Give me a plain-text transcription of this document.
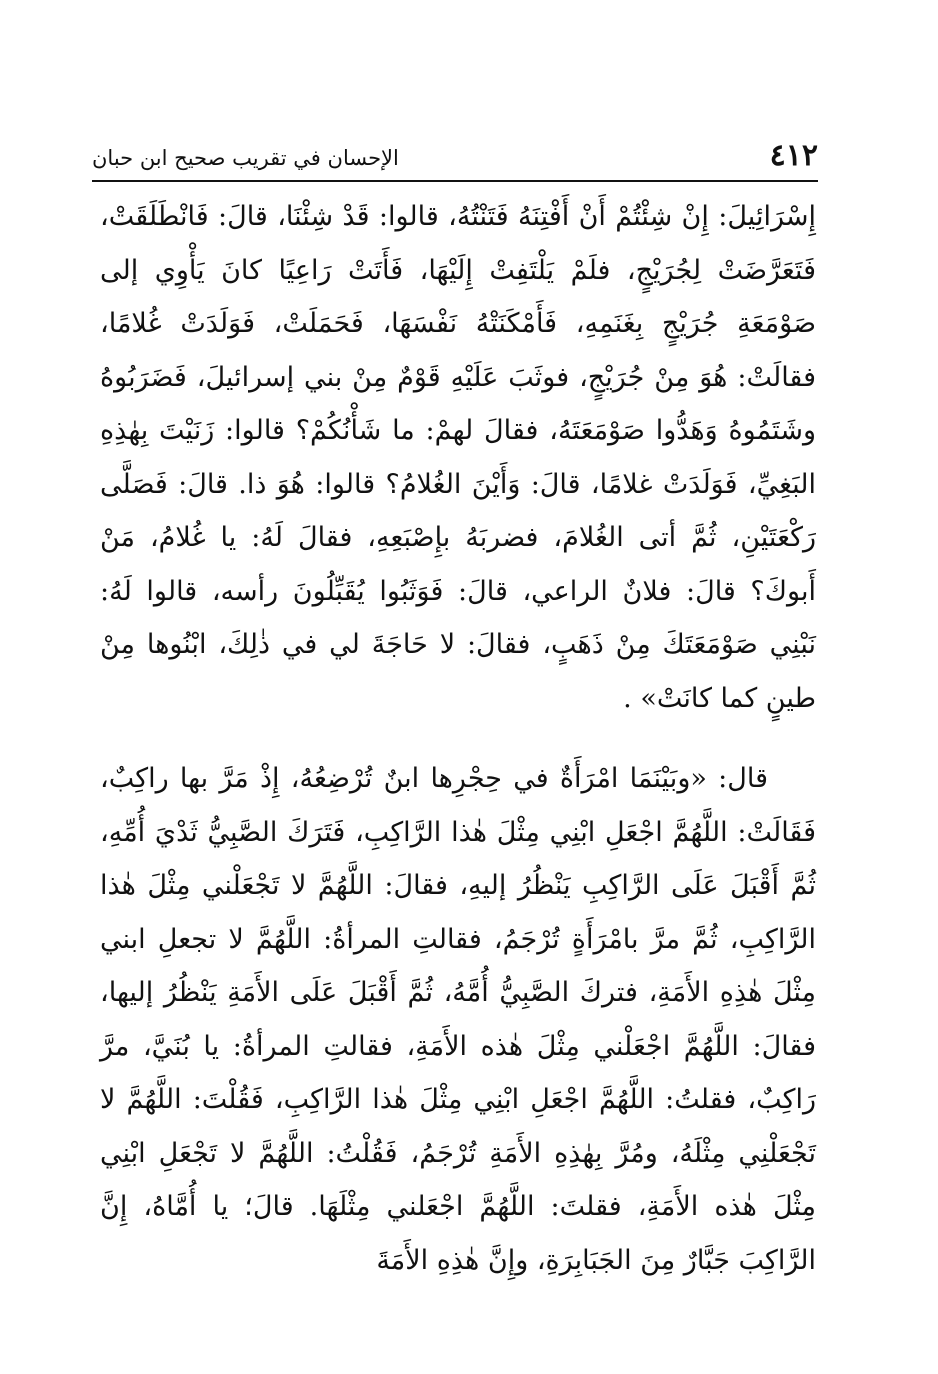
٤١٢
الإحسان في تقريب صحيح ابن حبان

إِسْرَائِيلَ: إِنْ شِئْتُمْ أَنْ أَفْتِنَهُ فَتَنْتُهُ، قالوا: قَدْ شِئْنَا، قالَ: فَانْطَلَقَتْ، فَتَعَرَّضَتْ لِجُرَيْجٍ، فلَمْ يَلْتَفِتْ إِلَيْهَا، فَأَتَتْ رَاعِيًا كانَ يَأْوِي إلى صَوْمَعَةِ جُرَيْجٍ بِغَنَمِهِ، فَأَمْكَنَتْهُ نَفْسَهَا، فَحَمَلَتْ، فَوَلَدَتْ غُلامًا، فقالَتْ: هُوَ مِنْ جُرَيْجٍ، فوثَبَ عَلَيْهِ قَوْمٌ مِنْ بني إسرائيلَ، فَضَرَبُوهُ وشَتَمُوهُ وَهَدُّوا صَوْمَعَتَهُ، فقالَ لهمْ: ما شَأْنُكُمْ؟ قالوا: زَنَيْتَ بِهٰذِهِ البَغِيِّ، فَوَلَدَتْ غلامًا، قالَ: وَأَيْنَ الغُلامُ؟ قالوا: هُوَ ذا. قالَ: فَصَلَّى رَكْعَتَيْنِ، ثُمَّ أتى الغُلامَ، فضربَهُ بإِصْبَعِهِ، فقالَ لَهُ: يا غُلامُ، مَنْ أَبوكَ؟ قالَ: فلانٌ الراعي، قالَ: فَوَثَبُوا يُقَبِّلُونَ رأسه، قالوا لَهُ: نَبْنِي صَوْمَعَتَكَ مِنْ ذَهَبٍ، فقالَ: لا حَاجَةَ لي في ذٰلِكَ، ابْنُوها مِنْ طينٍ كما كانَتْ» .

قال: «وبَيْنَمَا امْرَأَةٌ في حِجْرِها ابنٌ تُرْضِعُهُ، إِذْ مَرَّ بها راكِبٌ، فَقَالَتْ: اللَّهُمَّ اجْعَلِ ابْنِي مِثْلَ هٰذا الرَّاكِبِ، فَتَرَكَ الصَّبِيُّ ثَدْيَ أُمِّهِ، ثُمَّ أَقْبَلَ عَلَى الرَّاكِبِ يَنْظُرُ إليهِ، فقالَ: اللَّهُمَّ لا تَجْعَلْني مِثْلَ هٰذا الرَّاكِبِ، ثُمَّ مرَّ بامْرَأَةٍ تُرْجَمُ، فقالتِ المرأةُ: اللَّهُمَّ لا تجعلِ ابني مِثْلَ هٰذِهِ الأَمَةِ، فتركَ الصَّبِيُّ أُمَّهُ، ثُمَّ أَقْبَلَ عَلَى الأَمَةِ يَنْظُرُ إليها، فقالَ: اللَّهُمَّ اجْعَلْني مِثْلَ هٰذه الأَمَةِ، فقالتِ المرأةُ: يا بُنَيَّ، مرَّ رَاكِبٌ، فقلتُ: اللَّهُمَّ اجْعَلِ ابْنِي مِثْلَ هٰذا الرَّاكِبِ، فَقُلْتَ: اللَّهُمَّ لا تَجْعَلْنِي مِثْلَهُ، ومُرَّ بِهٰذِهِ الأَمَةِ تُرْجَمُ، فَقُلْتُ: اللَّهُمَّ لا تَجْعَلِ ابْنِي مِثْلَ هٰذه الأَمَةِ، فقلتَ: اللَّهُمَّ اجْعَلني مِثْلَهَا. قالَ؛ يا أُمَّاهُ، إِنَّ الرَّاكِبَ جَبَّارٌ مِنَ الجَبَابِرَةِ، وإِنَّ هٰذِهِ الأَمَةَ
